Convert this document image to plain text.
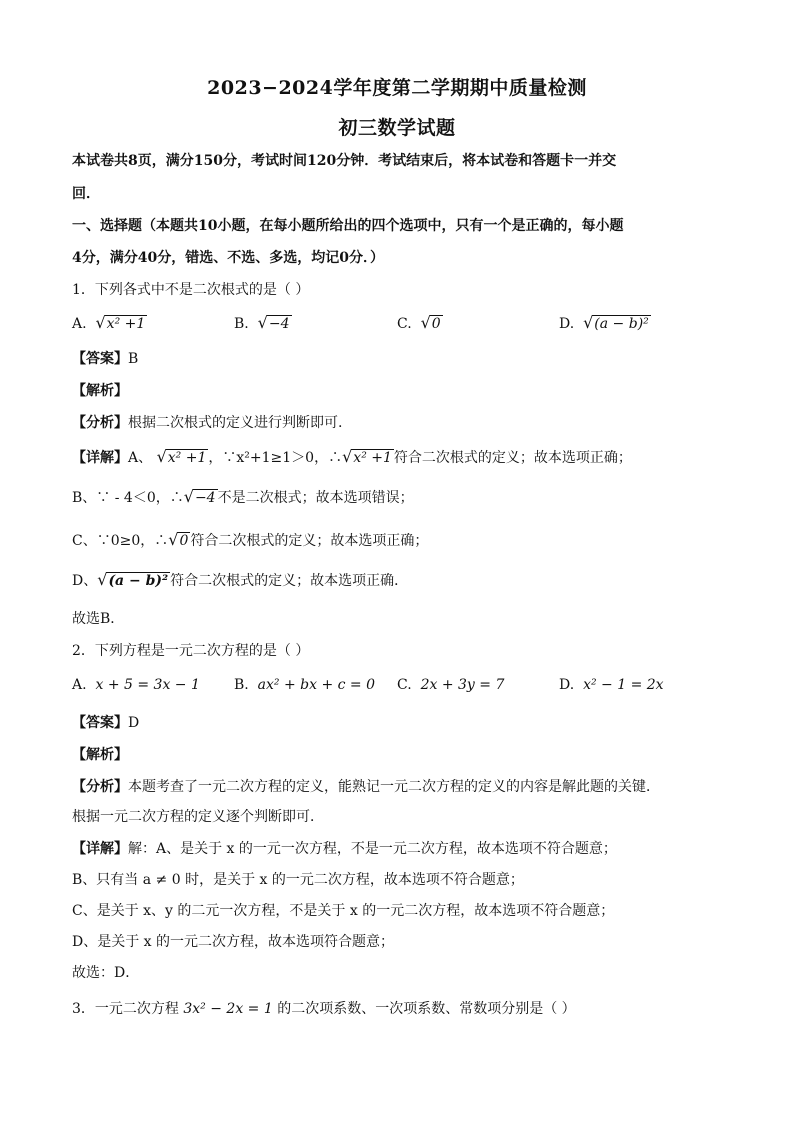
2023−2024学年度第二学期期中质量检测
初三数学试题
本试卷共8页，满分150分，考试时间120分钟．考试结束后，将本试卷和答题卡一并交
回．
一、选择题（本题共10小题，在每小题所给出的四个选项中，只有一个是正确的，每小题
4分，满分40分，错选、不选、多选，均记0分．）
1．下列各式中不是二次根式的是（ ）
A. √x² +1	B. √−4	C. √0	D. √(a − b)²
【答案】B
【解析】
【分析】根据二次根式的定义进行判断即可.
【详解】A、 √x² +1 ，∵x²+1≥1＞0，∴√x² +1 符合二次根式的定义；故本选项正确；
B、∵ - 4＜0，∴√−4 不是二次根式；故本选项错误；
C、∵0≥0，∴√0 符合二次根式的定义；故本选项正确；
D、√(a − b)² 符合二次根式的定义；故本选项正确．
故选B．
2．下列方程是一元二次方程的是（ ）
A. x + 5 = 3x − 1 B. ax² + bx + c = 0 C. 2x + 3y = 7	D. x² − 1 = 2x
【答案】D
【解析】
【分析】本题考查了一元二次方程的定义，能熟记一元二次方程的定义的内容是解此题的关键．
根据一元二次方程的定义逐个判断即可．
【详解】解：A、是关于 x 的一元一次方程，不是一元二次方程，故本选项不符合题意；
B、只有当 a ≠ 0 时，是关于 x 的一元二次方程，故本选项不符合题意；
C、是关于 x、y 的二元一次方程，不是关于 x 的一元二次方程，故本选项不符合题意；
D、是关于 x 的一元二次方程，故本选项符合题意；
故选：D．
3．一元二次方程 3x² − 2x = 1 的二次项系数、一次项系数、常数项分别是（ ）
